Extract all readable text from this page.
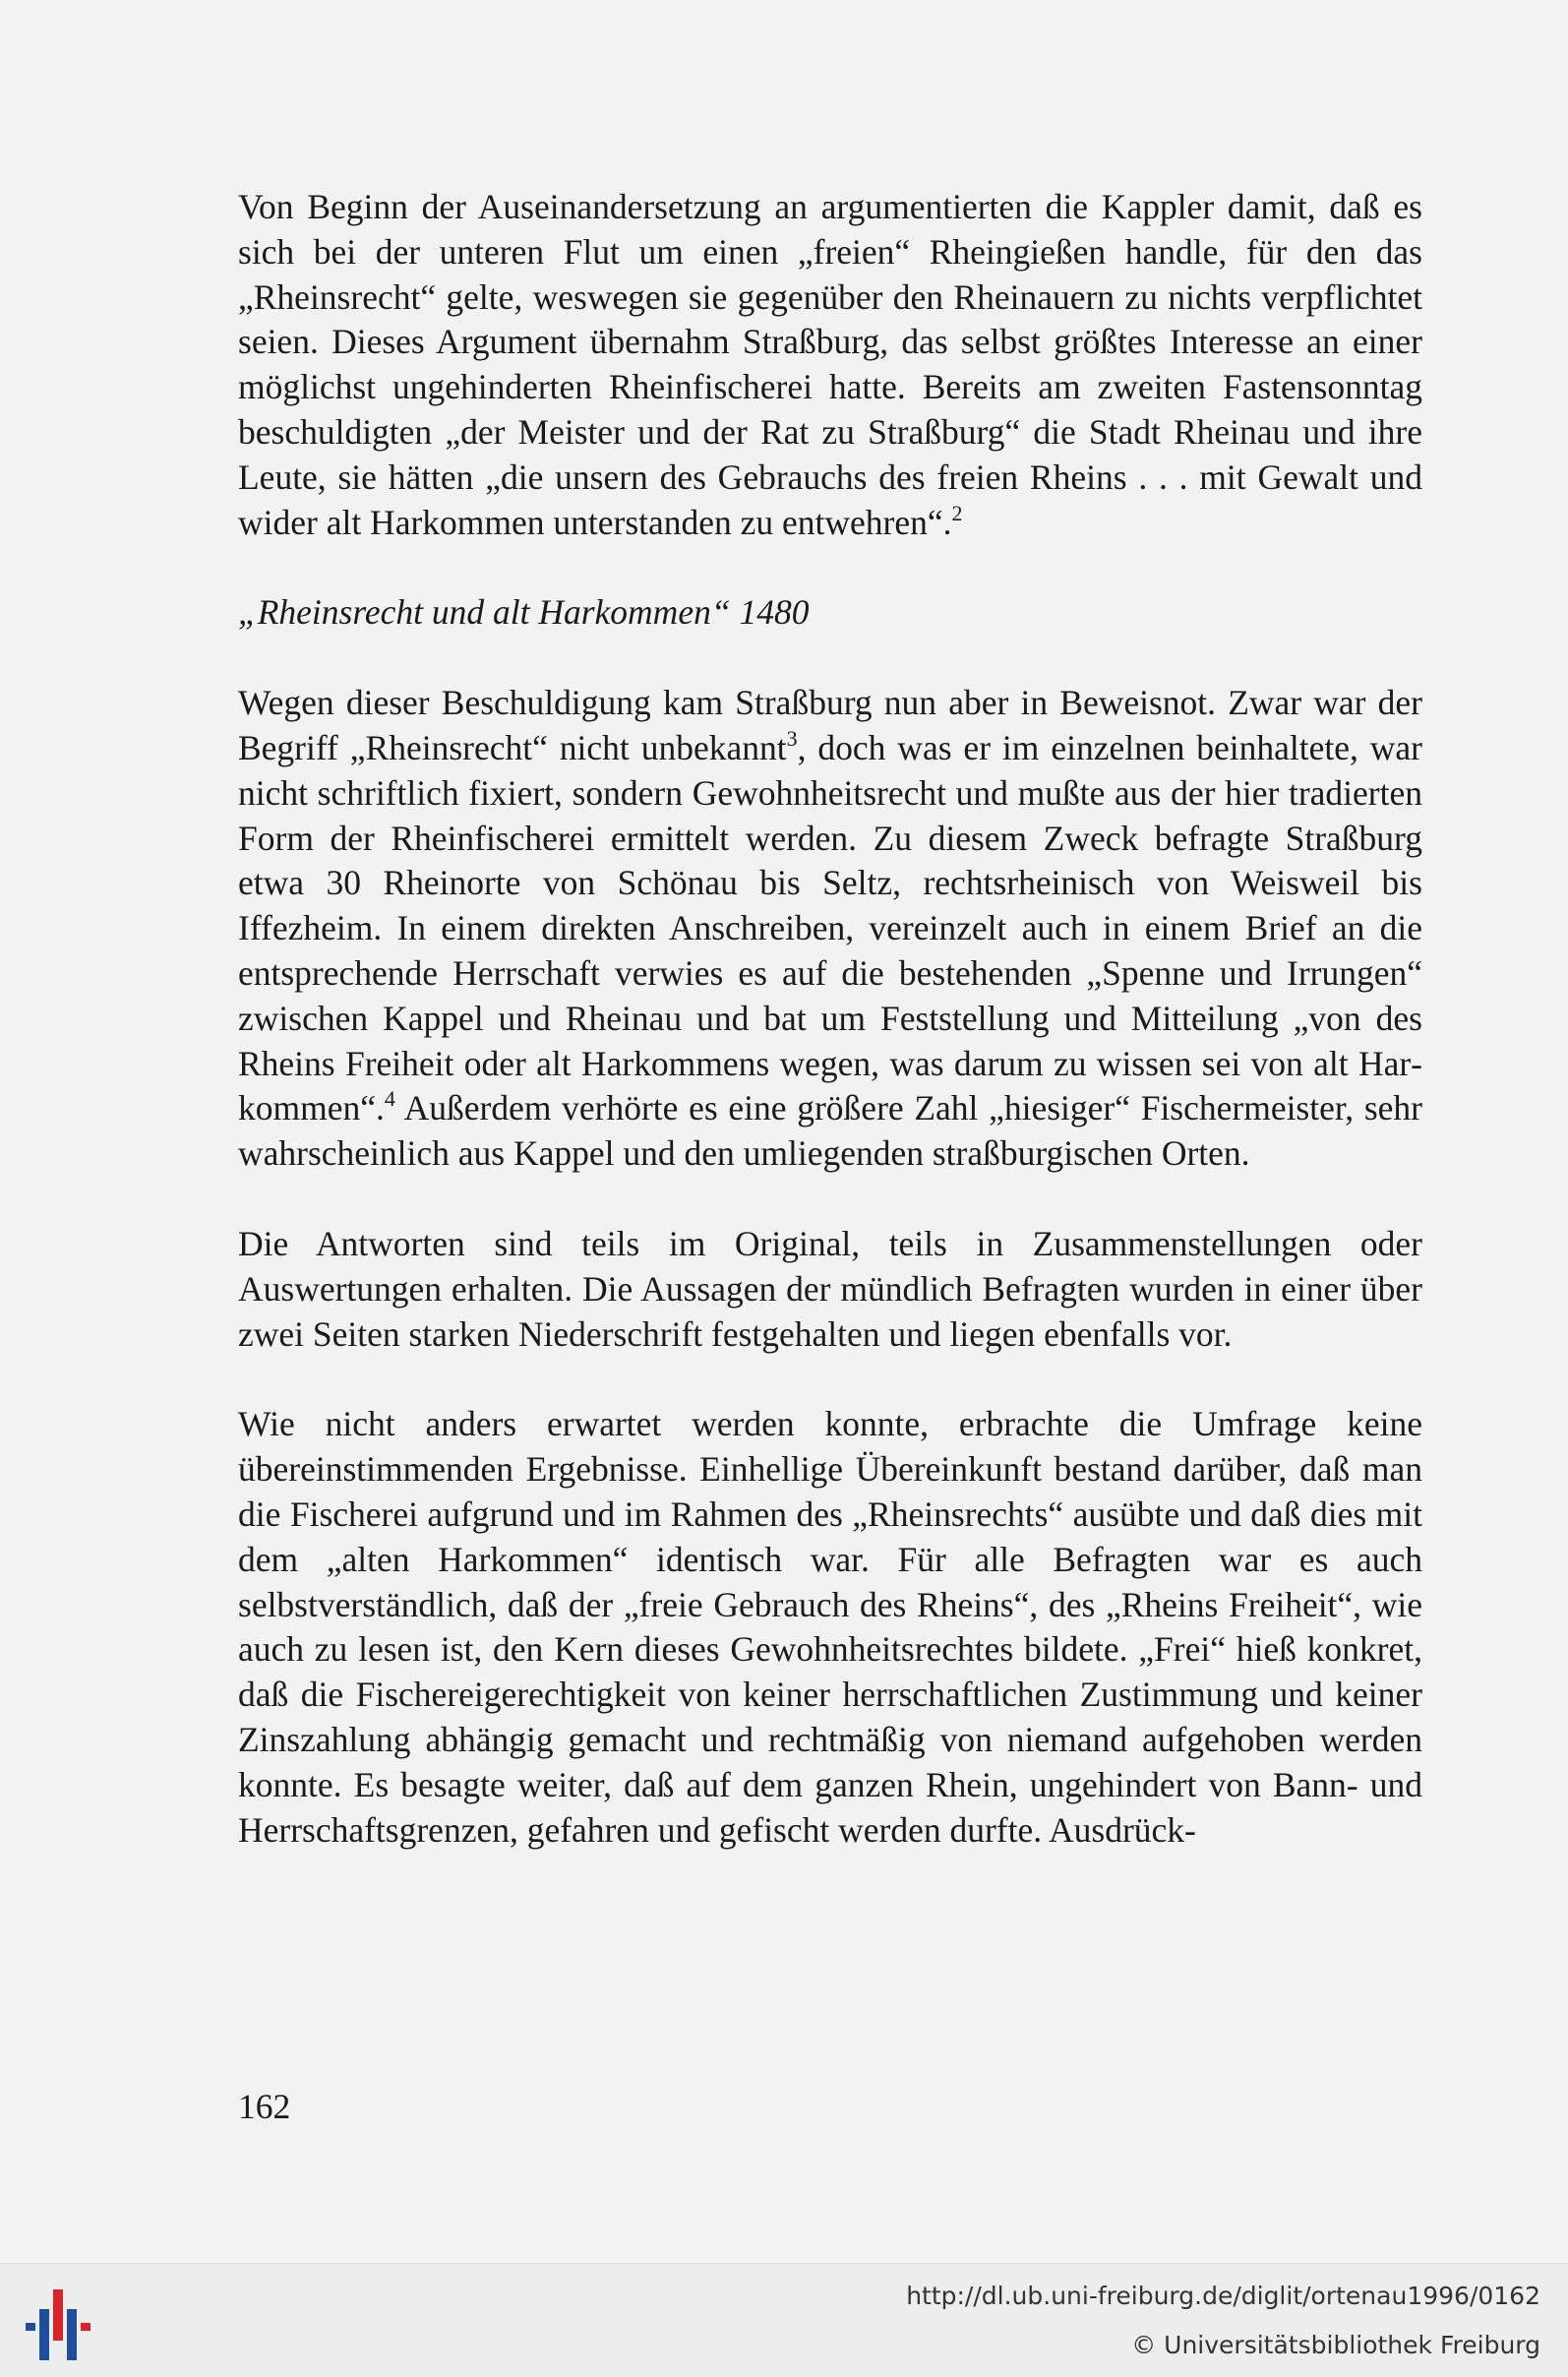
Von Beginn der Auseinandersetzung an argumentierten die Kappler damit, daß es sich bei der unteren Flut um einen „freien“ Rheingießen handle, für den das „Rheinsrecht“ gelte, weswegen sie gegenüber den Rheinauern zu nichts verpflichtet seien. Dieses Argument übernahm Straßburg, das selbst größtes Interesse an einer möglichst ungehinderten Rheinfischerei hatte. Bereits am zweiten Fastensonntag beschuldigten „der Meister und der Rat zu Straßburg“ die Stadt Rheinau und ihre Leute, sie hätten „die unsern des Gebrauchs des freien Rheins . . . mit Gewalt und wider alt Harkommen unterstanden zu entwehren“.$^2$

„Rheinsrecht und alt Harkommen“ 1480

Wegen dieser Beschuldigung kam Straßburg nun aber in Beweisnot. Zwar war der Begriff „Rheinsrecht“ nicht unbekannt$^3$, doch was er im einzelnen beinhaltete, war nicht schriftlich fixiert, sondern Gewohnheitsrecht und mußte aus der hier tradierten Form der Rheinfischerei ermittelt werden. Zu diesem Zweck befragte Straßburg etwa 30 Rheinorte von Schönau bis Seltz, rechtsrheinisch von Weisweil bis Iffezheim. In einem direkten Anschreiben, vereinzelt auch in einem Brief an die entsprechende Herrschaft verwies es auf die bestehenden „Spenne und Irrungen“ zwischen Kappel und Rheinau und bat um Feststellung und Mitteilung „von des Rheins Freiheit oder alt Harkommens wegen, was darum zu wissen sei von alt Harkommen“.$^4$ Außerdem verhörte es eine größere Zahl „hiesiger“ Fischermeister, sehr wahrscheinlich aus Kappel und den umliegenden straßburgischen Orten.

Die Antworten sind teils im Original, teils in Zusammenstellungen oder Auswertungen erhalten. Die Aussagen der mündlich Befragten wurden in einer über zwei Seiten starken Niederschrift festgehalten und liegen ebenfalls vor.

Wie nicht anders erwartet werden konnte, erbrachte die Umfrage keine übereinstimmenden Ergebnisse. Einhellige Übereinkunft bestand darüber, daß man die Fischerei aufgrund und im Rahmen des „Rheinsrechts“ ausübte und daß dies mit dem „alten Harkommen“ identisch war. Für alle Befragten war es auch selbstverständlich, daß der „freie Gebrauch des Rheins“, des „Rheins Freiheit“, wie auch zu lesen ist, den Kern dieses Gewohnheitsrechtes bildete. „Frei“ hieß konkret, daß die Fischereigerechtigkeit von keiner herrschaftlichen Zustimmung und keiner Zinszahlung abhängig gemacht und rechtmäßig von niemand aufgehoben werden konnte. Es besagte weiter, daß auf dem ganzen Rhein, ungehindert von Bann- und Herrschaftsgrenzen, gefahren und gefischt werden durfte. Ausdrück-

162
http://dl.ub.uni-freiburg.de/diglit/ortenau1996/0162
© Universitätsbibliothek Freiburg
